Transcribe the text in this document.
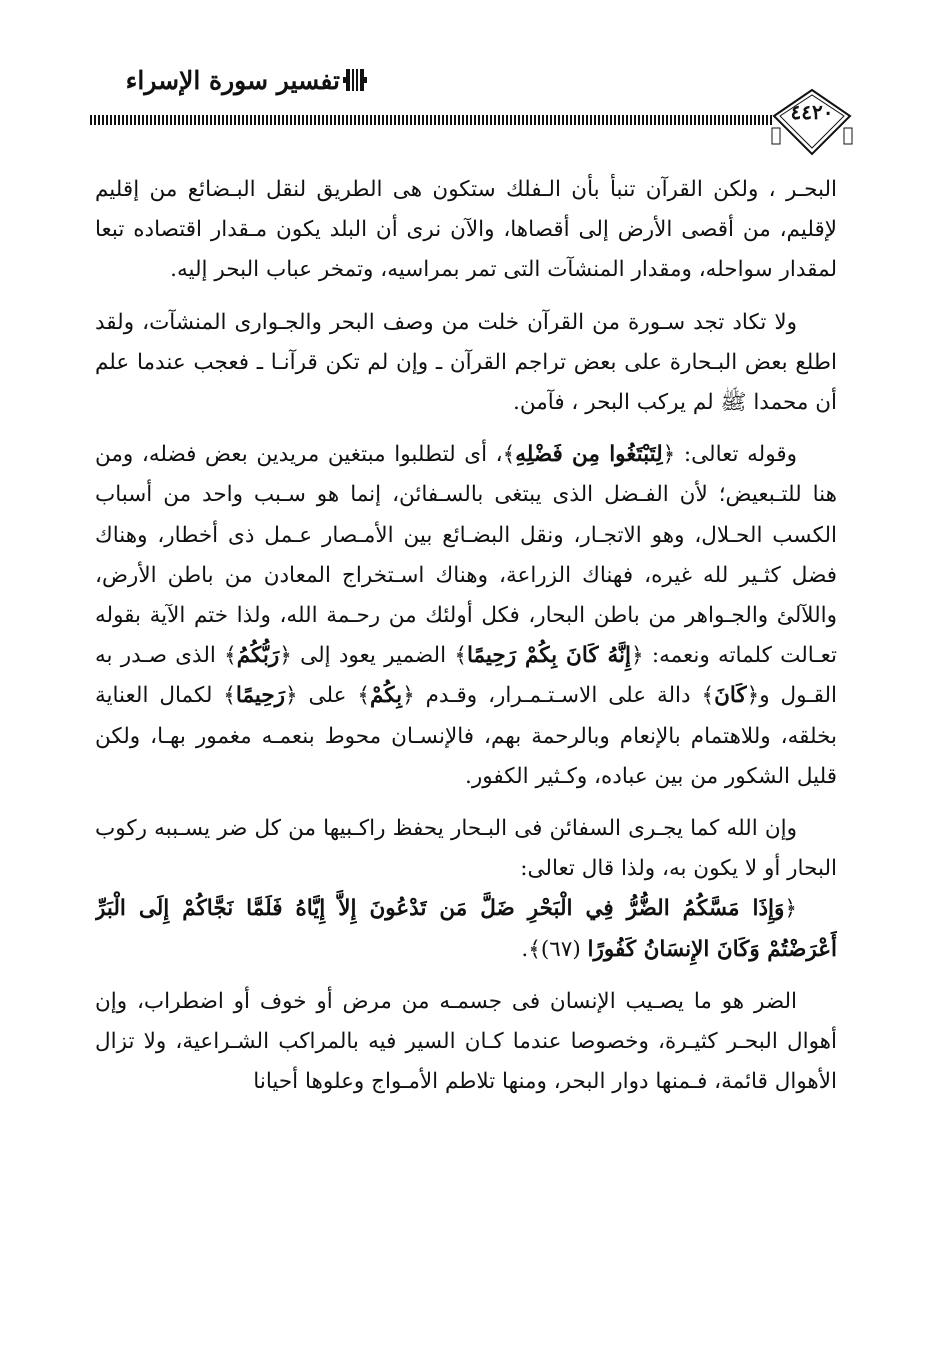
تفسير سورة الإسراء
٤٤٢٠

البحـر ، ولكن القرآن تنبأ بأن الـفلك ستكون هى الطريق لنقل البـضائع من إقليم لإقليم، من أقصى الأرض إلى أقصاها، والآن نرى أن البلد يكون مـقدار اقتصاده تبعا لمقدار سواحله، ومقدار المنشآت التى تمر بمراسيه، وتمخر عباب البحر إليه.

ولا تكاد تجد سـورة من القرآن خلت من وصف البحر والجـوارى المنشآت، ولقد اطلع بعض البـحارة على بعض تراجم القرآن ـ وإن لم تكن قرآنـا ـ فعجب عندما علم أن محمدا ﷺ لم يركب البحر ، فآمن.

وقوله تعالى: ﴿لِتَبْتَغُوا مِن فَضْلِهِ﴾، أى لتطلبوا مبتغين مريدين بعض فضله، ومن هنا للتـبعيض؛ لأن الفـضل الذى يبتغى بالسـفائن، إنما هو سـبب واحد من أسباب الكسب الحـلال، وهو الاتجـار، ونقل البضـائع بين الأمـصار عـمل ذى أخطار، وهناك فضل كثـير لله غيره، فهناك الزراعة، وهناك اسـتخراج المعادن من باطن الأرض، واللآلئ والجـواهر من باطن البحار، فكل أولئك من رحـمة الله، ولذا ختم الآية بقوله تعـالت كلماته ونعمه: ﴿إِنَّهُ كَانَ بِكُمْ رَحِيمًا﴾ الضمير يعود إلى ﴿رَبُّكُمُ﴾ الذى صـدر به القـول و﴿كَانَ﴾ دالة على الاسـتـمـرار، وقـدم ﴿بِكُمْ﴾ على ﴿رَحِيمًا﴾ لكمال العناية بخلقه، وللاهتمام بالإنعام وبالرحمة بهم، فالإنسـان محوط بنعمـه مغمور بهـا، ولكن قليل الشكور من بين عباده، وكـثير الكفور.

وإن الله كما يجـرى السفائن فى البـحار يحفظ راكـبيها من كل ضر يسـببه ركوب البحار أو لا يكون به، ولذا قال تعالى:

﴿وَإِذَا مَسَّكُمُ الضُّرُّ فِي الْبَحْرِ ضَلَّ مَن تَدْعُونَ إِلاَّ إِيَّاهُ فَلَمَّا نَجَّاكُمْ إِلَى الْبَرِّ أَعْرَضْتُمْ وَكَانَ الإِنسَانُ كَفُورًا (٦٧)﴾.

الضر هو ما يصـيب الإنسان فى جسمـه من مرض أو خوف أو اضطراب، وإن أهوال البحـر كثيـرة، وخصوصا عندما كـان السير فيه بالمراكب الشـراعية، ولا تزال الأهوال قائمة، فـمنها دوار البحر، ومنها تلاطم الأمـواج وعلوها أحيانا
